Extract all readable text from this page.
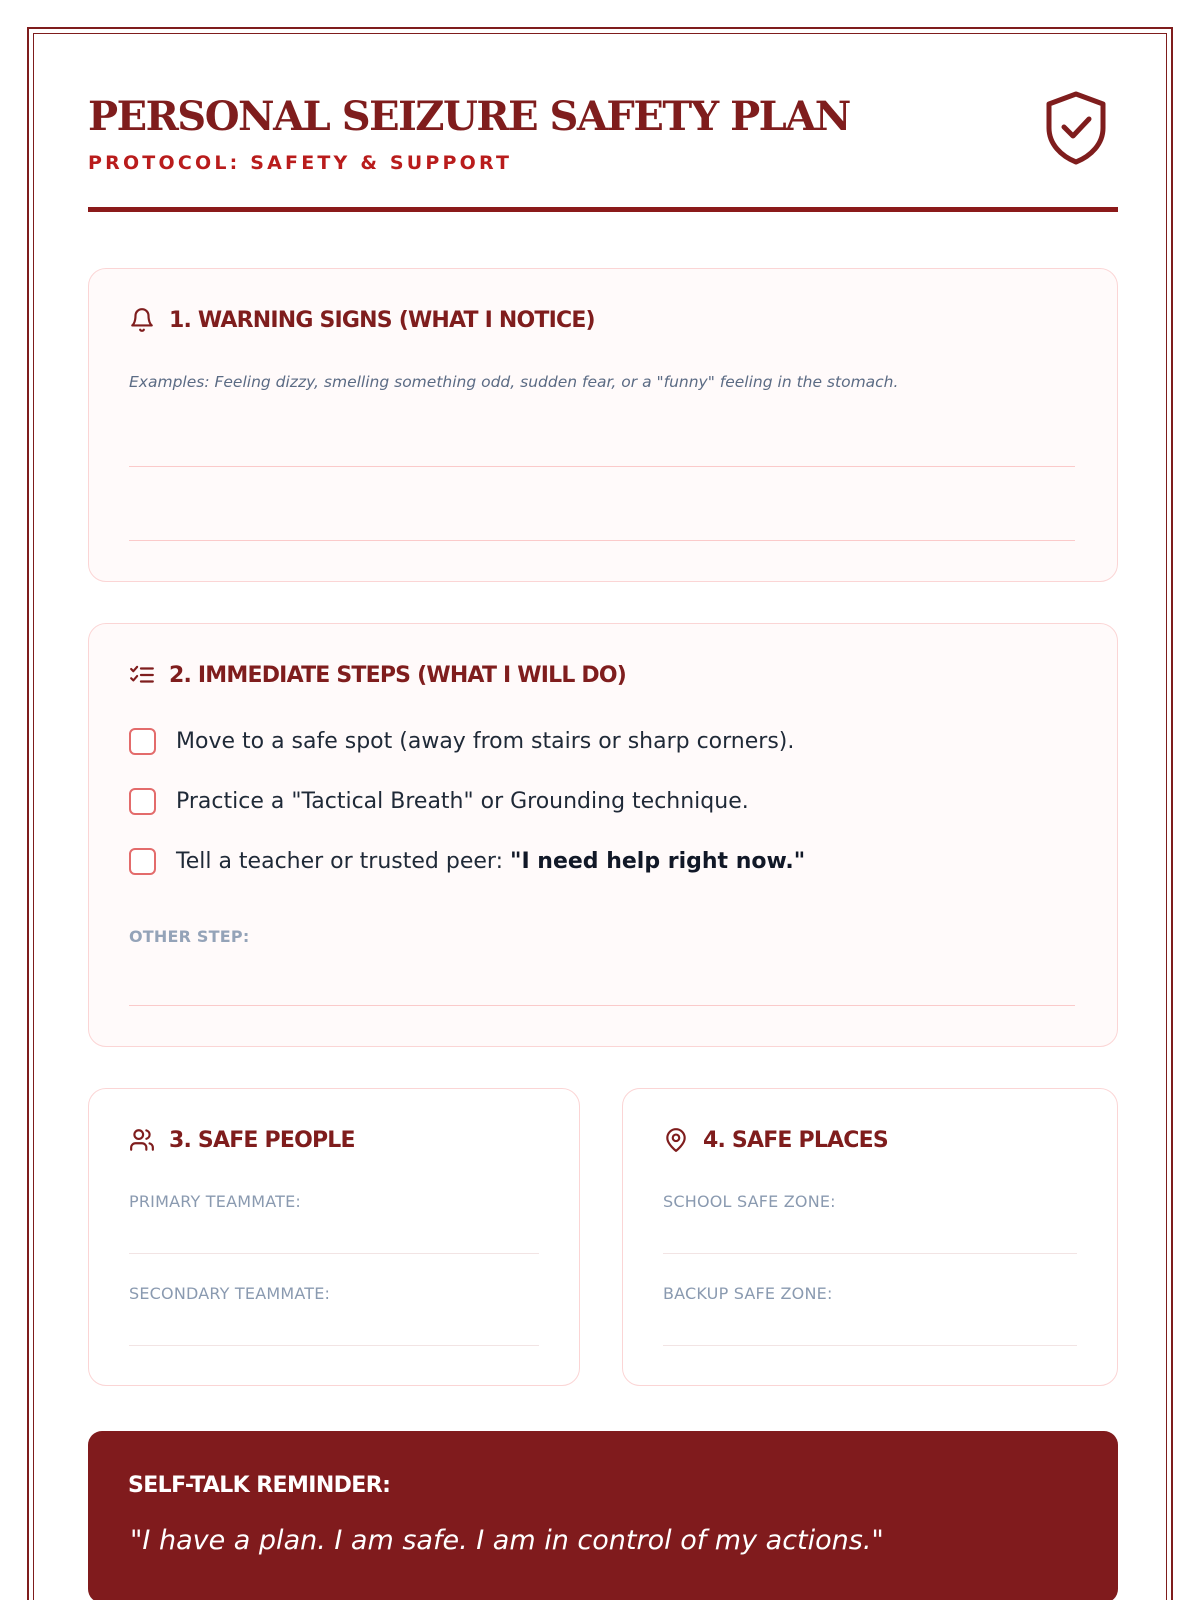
PERSONAL SEIZURE SAFETY PLAN
PROTOCOL: SAFETY & SUPPORT
1. WARNING SIGNS (WHAT I NOTICE)
Examples: Feeling dizzy, smelling something odd, sudden fear, or a "funny" feeling in the stomach.
2. IMMEDIATE STEPS (WHAT I WILL DO)
Move to a safe spot (away from stairs or sharp corners).
Practice a "Tactical Breath" or Grounding technique.
Tell a teacher or trusted peer: "I need help right now."
OTHER STEP:
3. SAFE PEOPLE
PRIMARY TEAMMATE:
SECONDARY TEAMMATE:
4. SAFE PLACES
SCHOOL SAFE ZONE:
BACKUP SAFE ZONE:
SELF-TALK REMINDER:
"I have a plan. I am safe. I am in control of my actions."
